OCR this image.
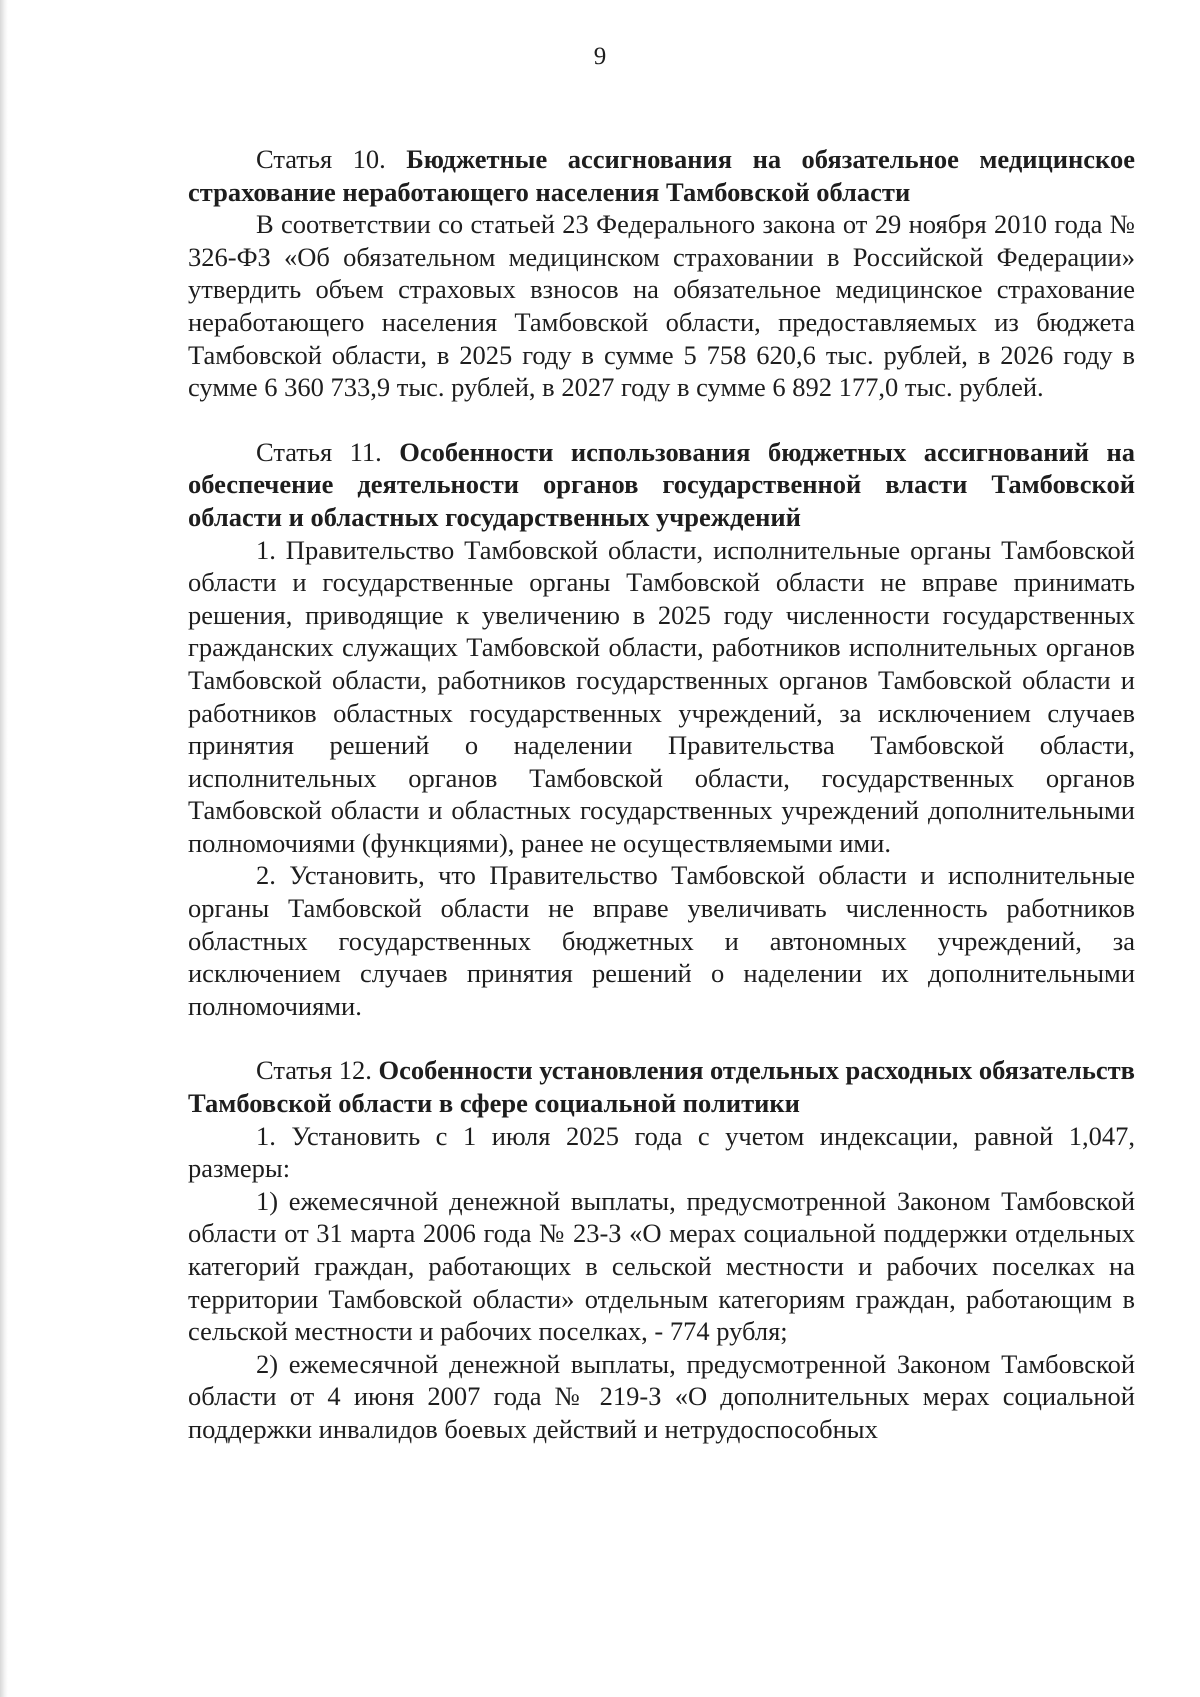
9

Статья 10. Бюджетные ассигнования на обязательное медицинское страхование неработающего населения Тамбовской области

В соответствии со статьей 23 Федерального закона от 29 ноября 2010 года № 326-ФЗ «Об обязательном медицинском страховании в Российской Федерации» утвердить объем страховых взносов на обязательное медицинское страхование неработающего населения Тамбовской области, предоставляемых из бюджета Тамбовской области, в 2025 году в сумме 5 758 620,6 тыс. рублей, в 2026 году в сумме 6 360 733,9 тыс. рублей, в 2027 году в сумме 6 892 177,0 тыс. рублей.

Статья 11. Особенности использования бюджетных ассигнований на обеспечение деятельности органов государственной власти Тамбовской области и областных государственных учреждений

1. Правительство Тамбовской области, исполнительные органы Тамбовской области и государственные органы Тамбовской области не вправе принимать решения, приводящие к увеличению в 2025 году численности государственных гражданских служащих Тамбовской области, работников исполнительных органов Тамбовской области, работников государственных органов Тамбовской области и работников областных государственных учреждений, за исключением случаев принятия решений о наделении Правительства Тамбовской области, исполнительных органов Тамбовской области, государственных органов Тамбовской области и областных государственных учреждений дополнительными полномочиями (функциями), ранее не осуществляемыми ими.

2. Установить, что Правительство Тамбовской области и исполнительные органы Тамбовской области не вправе увеличивать численность работников областных государственных бюджетных и автономных учреждений, за исключением случаев принятия решений о наделении их дополнительными полномочиями.

Статья 12. Особенности установления отдельных расходных обязательств Тамбовской области в сфере социальной политики

1. Установить с 1 июля 2025 года с учетом индексации, равной 1,047, размеры:

1) ежемесячной денежной выплаты, предусмотренной Законом Тамбовской области от 31 марта 2006 года № 23-З «О мерах социальной поддержки отдельных категорий граждан, работающих в сельской местности и рабочих поселках на территории Тамбовской области» отдельным категориям граждан, работающим в сельской местности и рабочих поселках, - 774 рубля;

2) ежемесячной денежной выплаты, предусмотренной Законом Тамбовской области от 4 июня 2007 года № 219-З «О дополнительных мерах социальной поддержки инвалидов боевых действий и нетрудоспособных
